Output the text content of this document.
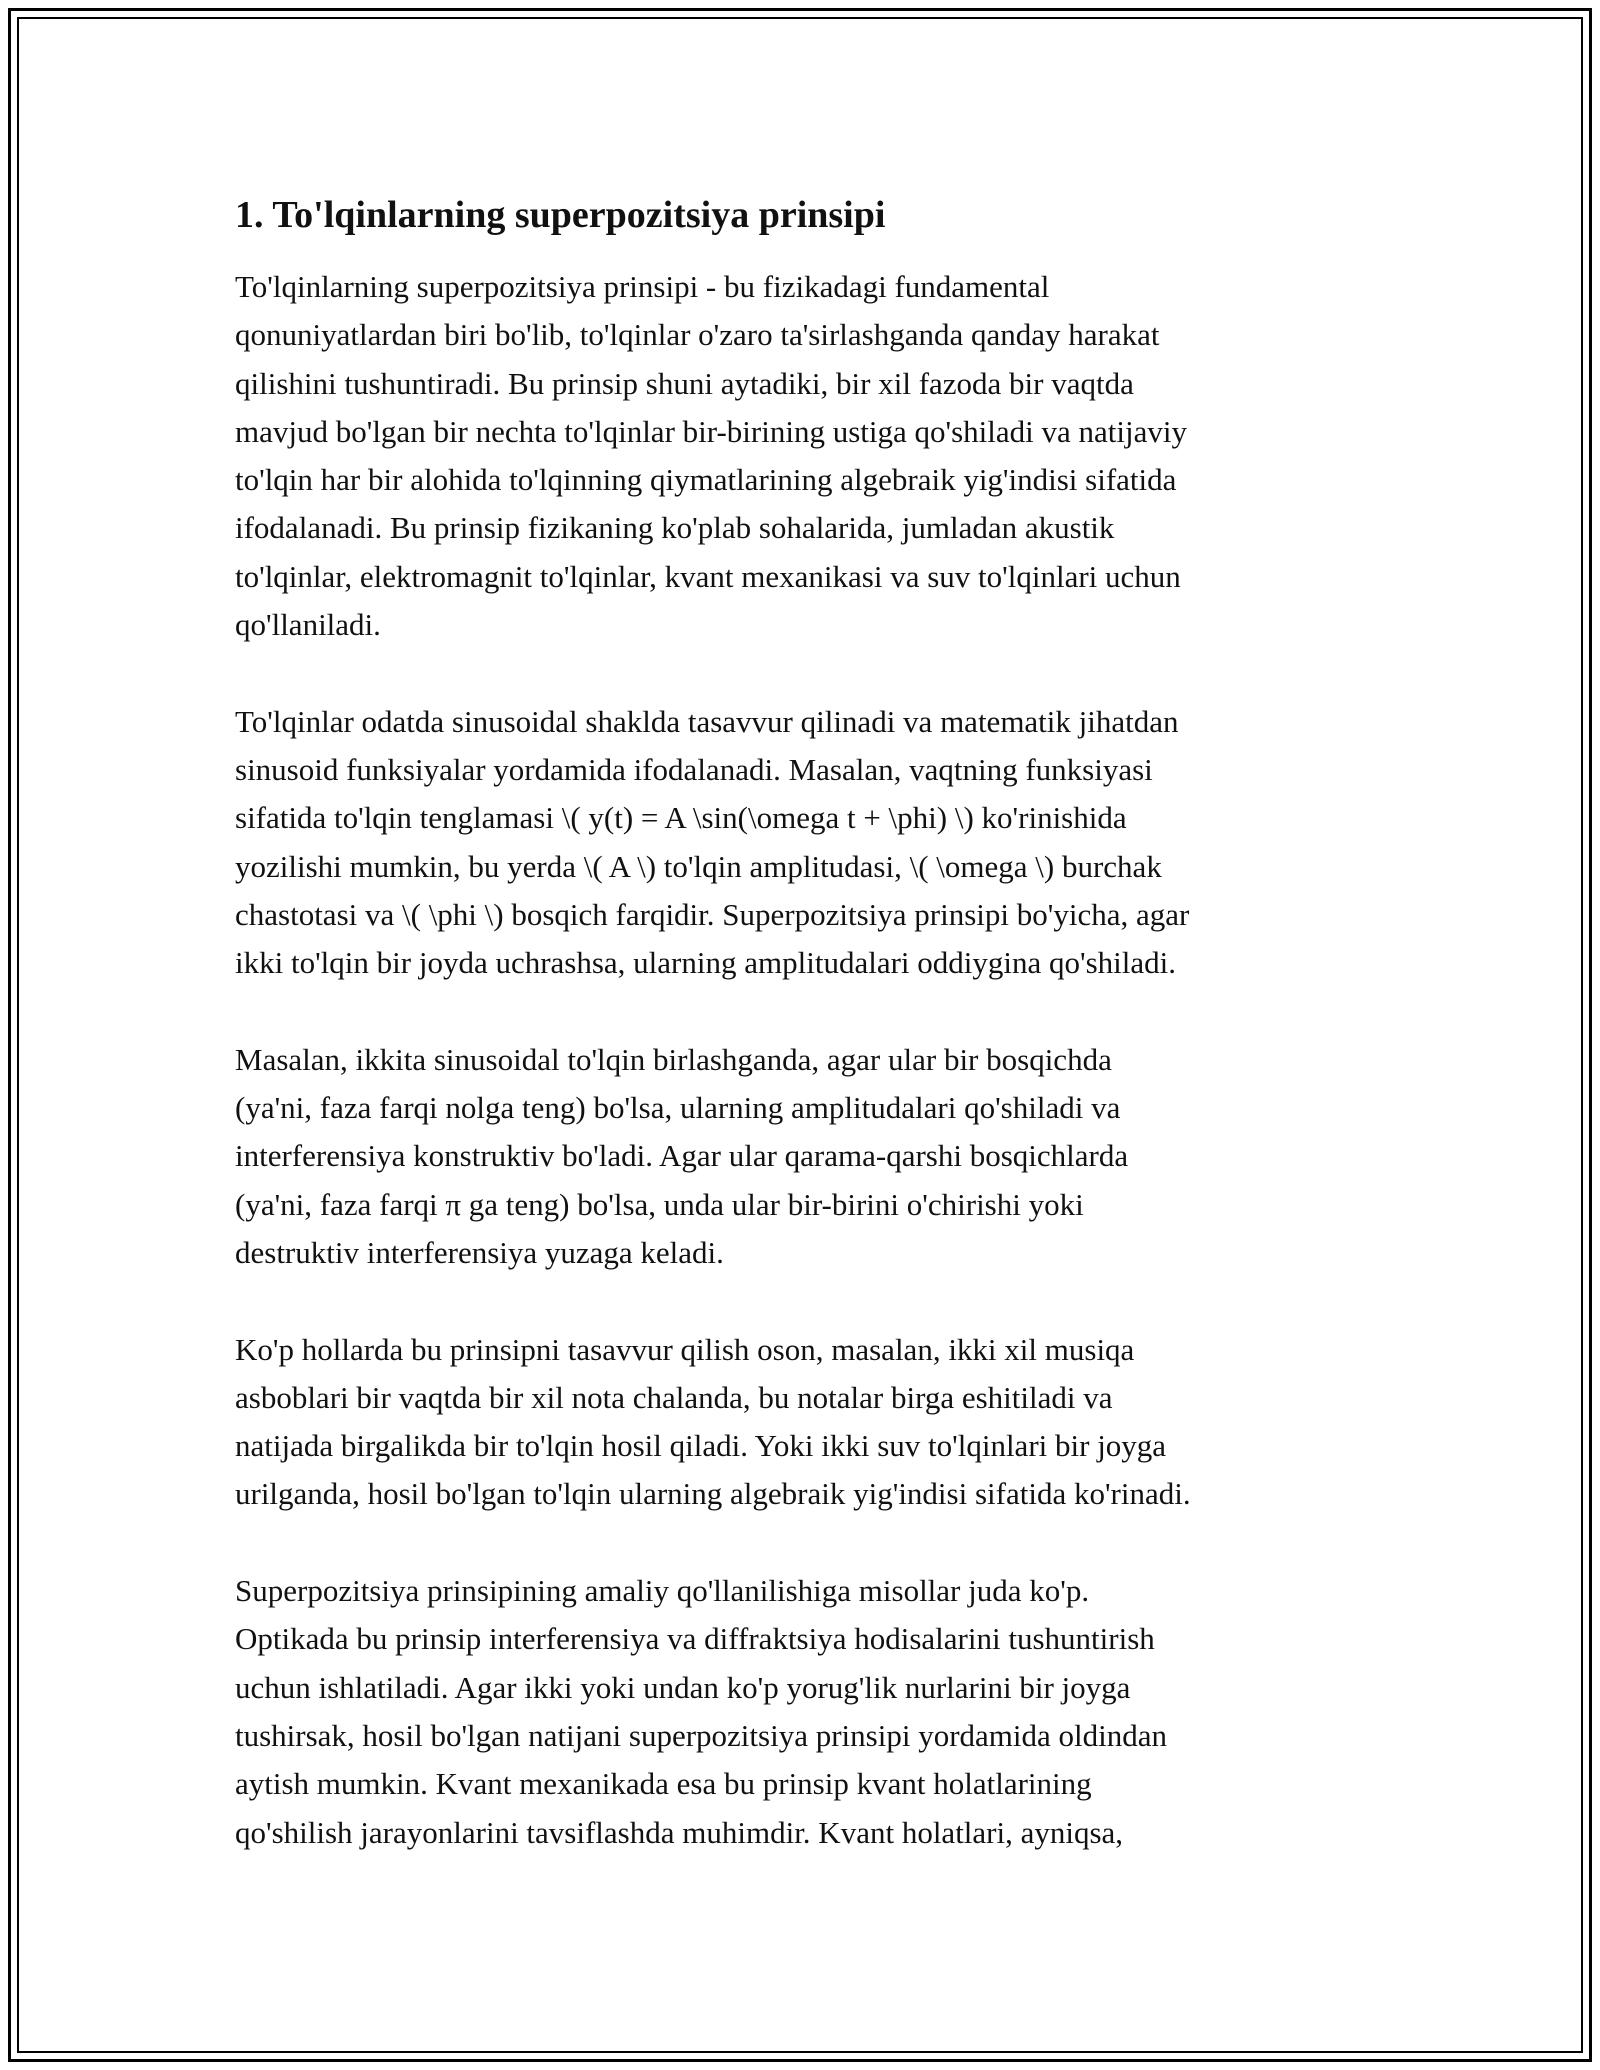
1. To'lqinlarning superpozitsiya prinsipi

To'lqinlarning superpozitsiya prinsipi - bu fizikadagi fundamental
qonuniyatlardan biri bo'lib, to'lqinlar o'zaro ta'sirlashganda qanday harakat
qilishini tushuntiradi. Bu prinsip shuni aytadiki, bir xil fazoda bir vaqtda
mavjud bo'lgan bir nechta to'lqinlar bir-birining ustiga qo'shiladi va natijaviy
to'lqin har bir alohida to'lqinning qiymatlarining algebraik yig'indisi sifatida
ifodalanadi. Bu prinsip fizikaning ko'plab sohalarida, jumladan akustik
to'lqinlar, elektromagnit to'lqinlar, kvant mexanikasi va suv to'lqinlari uchun
qo'llaniladi.

To'lqinlar odatda sinusoidal shaklda tasavvur qilinadi va matematik jihatdan
sinusoid funksiyalar yordamida ifodalanadi. Masalan, vaqtning funksiyasi
sifatida to'lqin tenglamasi \( y(t) = A \sin(\omega t + \phi) \) ko'rinishida
yozilishi mumkin, bu yerda \( A \) to'lqin amplitudasi, \( \omega \) burchak
chastotasi va \( \phi \) bosqich farqidir. Superpozitsiya prinsipi bo'yicha, agar
ikki to'lqin bir joyda uchrashsa, ularning amplitudalari oddiygina qo'shiladi.

Masalan, ikkita sinusoidal to'lqin birlashganda, agar ular bir bosqichda
(ya'ni, faza farqi nolga teng) bo'lsa, ularning amplitudalari qo'shiladi va
interferensiya konstruktiv bo'ladi. Agar ular qarama-qarshi bosqichlarda
(ya'ni, faza farqi π ga teng) bo'lsa, unda ular bir-birini o'chirishi yoki
destruktiv interferensiya yuzaga keladi.

Ko'p hollarda bu prinsipni tasavvur qilish oson, masalan, ikki xil musiqa
asboblari bir vaqtda bir xil nota chalanda, bu notalar birga eshitiladi va
natijada birgalikda bir to'lqin hosil qiladi. Yoki ikki suv to'lqinlari bir joyga
urilganda, hosil bo'lgan to'lqin ularning algebraik yig'indisi sifatida ko'rinadi.

Superpozitsiya prinsipining amaliy qo'llanilishiga misollar juda ko'p.
Optikada bu prinsip interferensiya va diffraktsiya hodisalarini tushuntirish
uchun ishlatiladi. Agar ikki yoki undan ko'p yorug'lik nurlarini bir joyga
tushirsak, hosil bo'lgan natijani superpozitsiya prinsipi yordamida oldindan
aytish mumkin. Kvant mexanikada esa bu prinsip kvant holatlarining
qo'shilish jarayonlarini tavsiflashda muhimdir. Kvant holatlari, ayniqsa,
